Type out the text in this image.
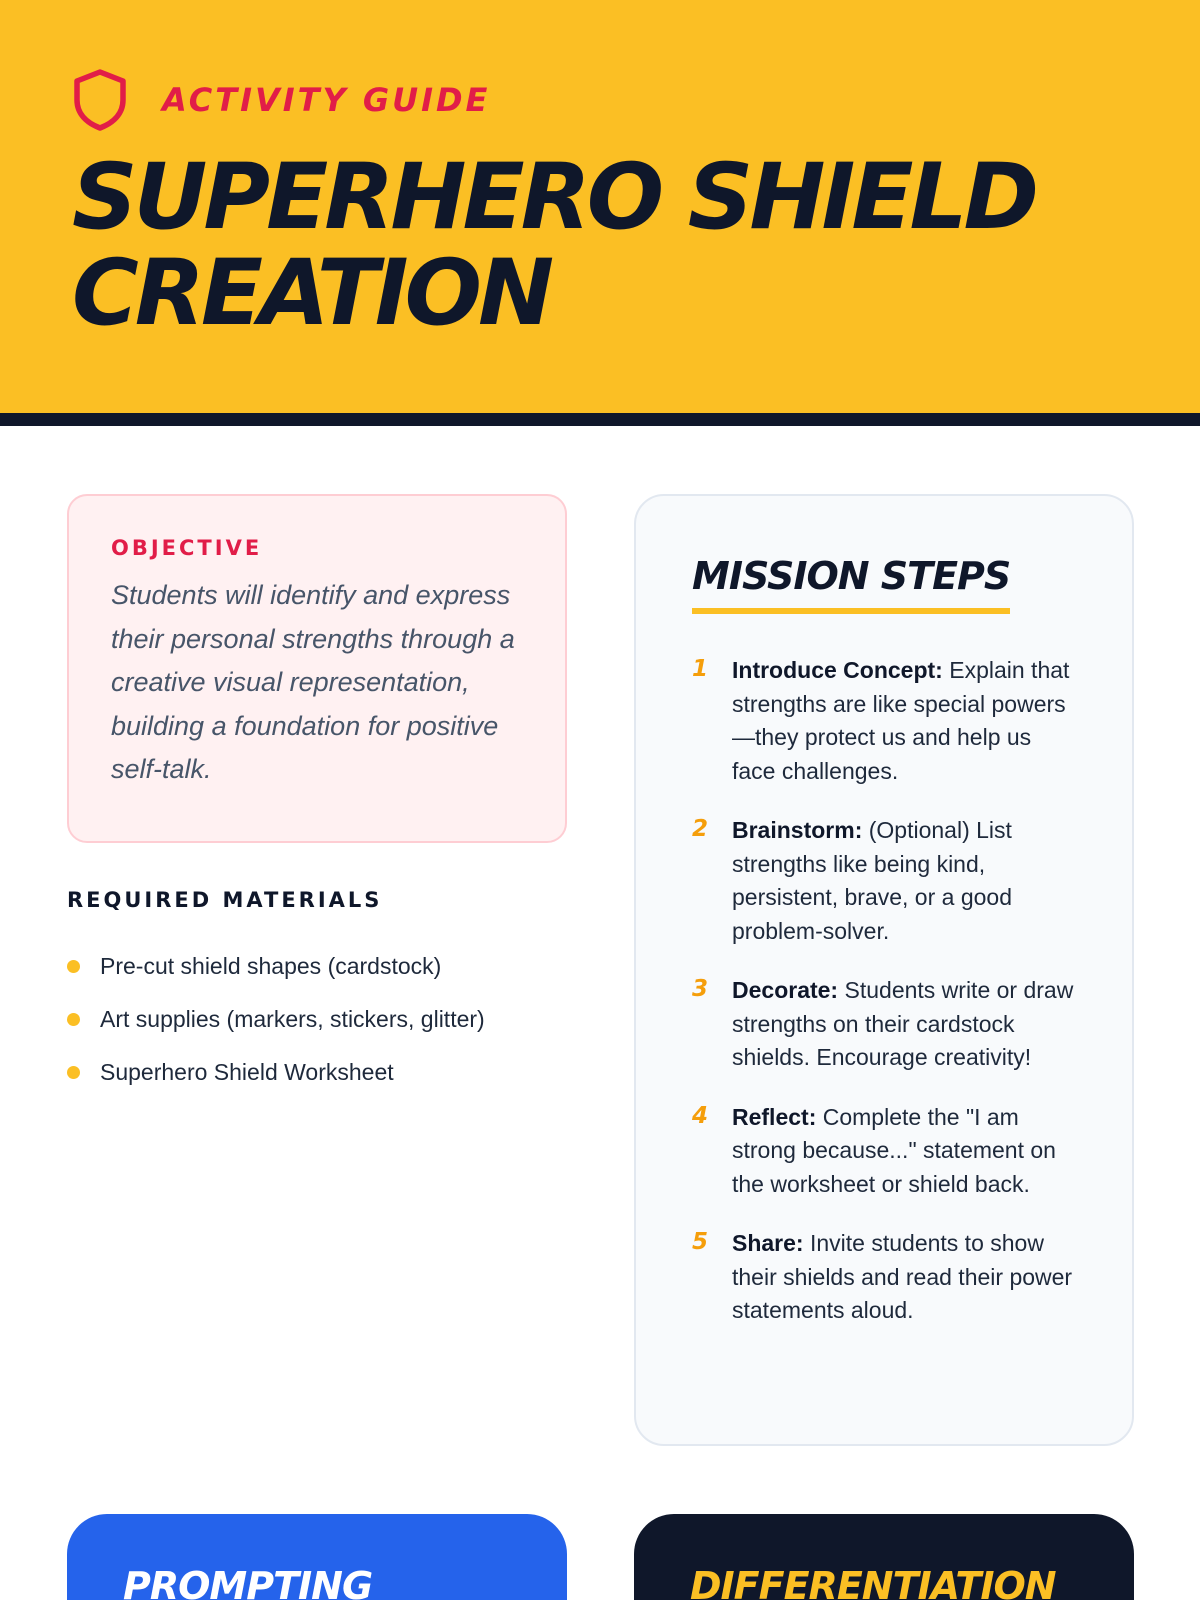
ACTIVITY GUIDE
SUPERHERO SHIELD CREATION
OBJECTIVE

Students will identify and express their personal strengths through a creative visual representation, building a foundation for positive self-talk.

REQUIRED MATERIALS
Pre-cut shield shapes (cardstock)
Art supplies (markers, stickers, glitter)
Superhero Shield Worksheet
MISSION STEPS
1	Introduce Concept: Explain that strengths are like special powers—they protect us and help us face challenges.
2	Brainstorm: (Optional) List strengths like being kind, persistent, brave, or a good problem-solver.
3	Decorate: Students write or draw strengths on their cardstock shields. Encourage creativity!
4	Reflect: Complete the "I am strong because..." statement on the worksheet or shield back.
5	Share: Invite students to show their shields and read their power statements aloud.
PROMPTING	DIFFERENTIATION
